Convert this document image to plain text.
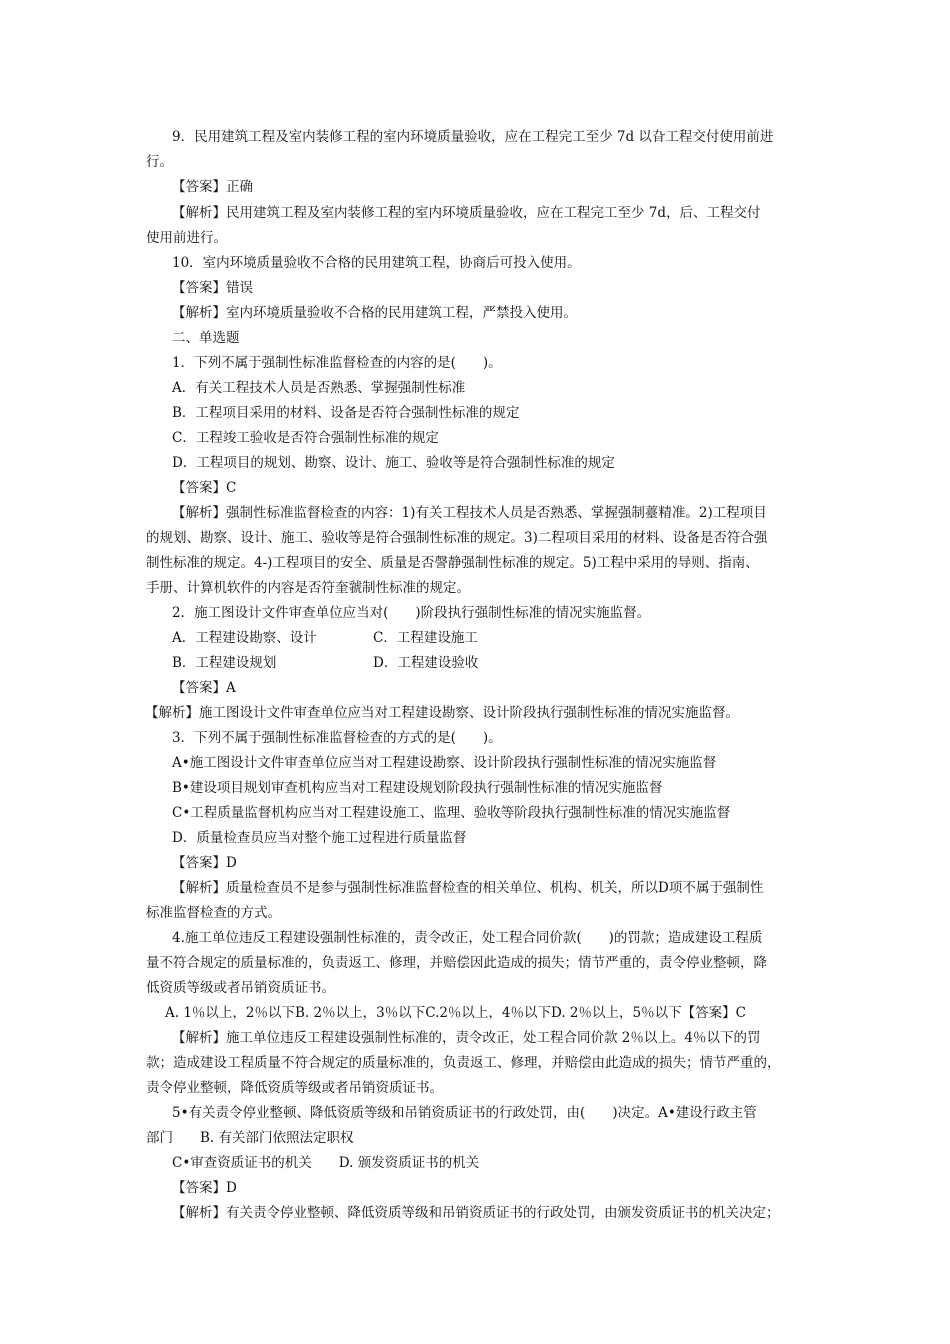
9．民用建筑工程及室内装修工程的室内环境质量验收，应在工程完工至少 7d 以旮工程交付使用前进
行。
【答案】正确
【解析】民用建筑工程及室内装修工程的室内环境质量验收，应在工程完工至少 7d，后、工程交付
使用前进行。
10．室内环境质量验收不合格的民用建筑工程，协商后可投入使用。
【答案】错误
【解析】室内环境质量验收不合格的民用建筑工程，严禁投入使用。
二、单选题
1．下列不属于强制性标准监督检查的内容的是(　　)。
A．有关工程技术人员是否熟悉、掌握强制性标准
B．工程项目采用的材料、设备是否符合强制性标准的规定
C．工程竣工验收是否符合强制性标准的规定
D．工程项目的规划、勘察、设计、施工、验收等是符合强制性标准的规定
【答案】C
【解析】强制性标准监督检查的内容：1)有关工程技术人员是否熟悉、掌握强制薹精准。2)工程项目
的规划、勘察、设计、施工、验收等是符合强制性标准的规定。3)二程项目采用的材料、设备是否符合强
制性标准的规定。4-)工程项目的安全、质量是否謦静强制性标准的规定。5)工程中采用的导则、指南、
手册、计算机软件的内容是否符奎虢制性标准的规定。
2．施工图设计文件审查单位应当对(　　)阶段执行强制性标准的情况实施监督。
A．工程建设勘察、设计	C．工程建设施工
B．工程建设规划	D．工程建设验收
【答案】A
【解析】施工图设计文件审查单位应当对工程建设勘察、设计阶段执行强制性标准的情况实施监督。
3．下列不属于强制性标准监督检查的方式的是(　　)。
A•施工图设计文件审查单位应当对工程建设勘察、设计阶段执行强制性标准的情况实施监督
B•建设项目规划审查机构应当对工程建设规划阶段执行强制性标准的情况实施监督
C•工程质量监督机构应当对工程建设施工、监理、验收等阶段执行强制性标准的情况实施监督
D．质量检查员应当对整个施工过程进行质量监督
【答案】D
【解析】质量检查员不是参与强制性标准监督检查的相关单位、机构、机关，所以D项不属于强制性
标准监督检查的方式。
4.施工单位违反工程建设强制性标准的，责令改正，处工程合同价款(　　)的罚款；造成建设工程质
量不符合规定的质量标准的，负责返工、修理，并赔偿因此造成的损失；情节严重的，责令停业整顿，降
低资质等级或者吊销资质证书。
A. 1％以上，2％以下B. 2％以上，3％以下C.2％以上，4％以下D. 2％以上，5％以下【答案】C
【解析】施工单位违反工程建设强制性标准的，责令改正，处工程合同价款 2％以上。4％以下的罚
款；造成建设工程质量不符合规定的质量标准的，负责返工、修理，并赔偿由此造成的损失；情节严重的，
责令停业整顿，降低资质等级或者吊销资质证书。
5•有关责令停业整顿、降低资质等级和吊销资质证书的行政处罚，由(　　)决定。A•建设行政主管
部门　　B. 有关部门依照法定职权
C•审查资质证书的机关　　D. 颁发资质证书的机关
【答案】D
【解析】有关责令停业整顿、降低资质等级和吊销资质证书的行政处罚，由颁发资质证书的机关决定；
